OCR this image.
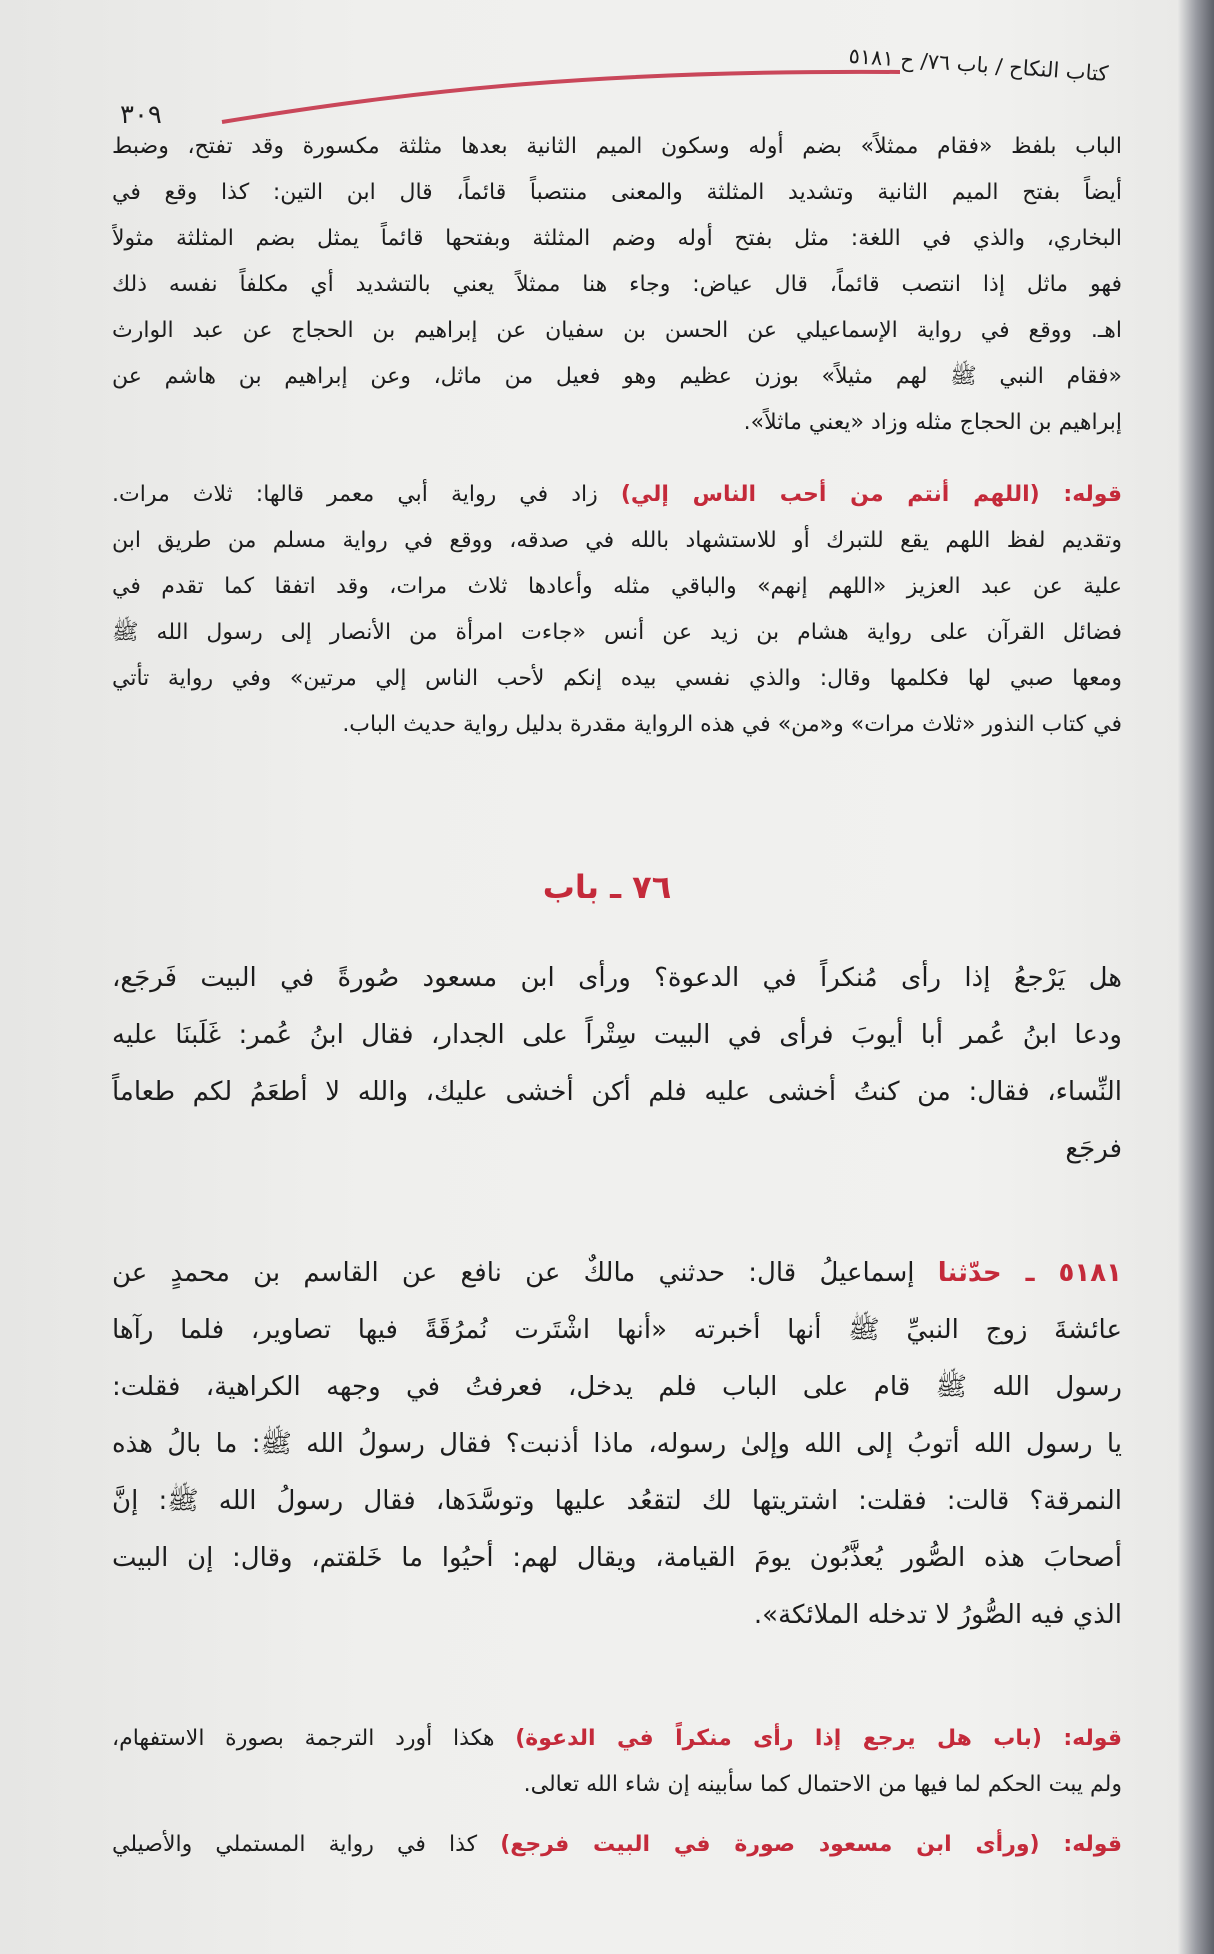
كتاب النكاح / باب ٧٦/ ح ٥١٨١
٣٠٩
الباب بلفظ «فقام ممثلاً» بضم أوله وسكون الميم الثانية بعدها مثلثة مكسورة وقد تفتح، وضبط
أيضاً بفتح الميم الثانية وتشديد المثلثة والمعنى منتصباً قائماً، قال ابن التين: كذا وقع في
البخاري، والذي في اللغة: مثل بفتح أوله وضم المثلثة وبفتحها قائماً يمثل بضم المثلثة مثولاً
فهو ماثل إذا انتصب قائماً، قال عياض: وجاء هنا ممثلاً يعني بالتشديد أي مكلفاً نفسه ذلك
اهـ. ووقع في رواية الإسماعيلي عن الحسن بن سفيان عن إبراهيم بن الحجاج عن عبد الوارث
«فقام النبي ﷺ لهم مثيلاً» بوزن عظيم وهو فعيل من ماثل، وعن إبراهيم بن هاشم عن
إبراهيم بن الحجاج مثله وزاد «يعني ماثلاً».
قوله: (اللهم أنتم من أحب الناس إلي) زاد في رواية أبي معمر قالها: ثلاث مرات.
وتقديم لفظ اللهم يقع للتبرك أو للاستشهاد بالله في صدقه، ووقع في رواية مسلم من طريق ابن
علية عن عبد العزيز «اللهم إنهم» والباقي مثله وأعادها ثلاث مرات، وقد اتفقا كما تقدم في
فضائل القرآن على رواية هشام بن زيد عن أنس «جاءت امرأة من الأنصار إلى رسول الله ﷺ
ومعها صبي لها فكلمها وقال: والذي نفسي بيده إنكم لأحب الناس إلي مرتين» وفي رواية تأتي
في كتاب النذور «ثلاث مرات» و«من» في هذه الرواية مقدرة بدليل رواية حديث الباب.
٧٦ ـ باب
هل يَرْجعُ إذا رأى مُنكراً في الدعوة؟ ورأى ابن مسعود صُورةً في البيت فَرجَع،
ودعا ابنُ عُمر أبا أيوبَ فرأى في البيت سِتْراً على الجدار، فقال ابنُ عُمر: غَلَبنَا عليه
النِّساء، فقال: من كنتُ أخشى عليه فلم أكن أخشى عليك، والله لا أطعَمُ لكم طعاماً
فرجَع
٥١٨١ ـ حدّثنا إسماعيلُ قال: حدثني مالكٌ عن نافع عن القاسم بن محمدٍ عن
عائشةَ زوج النبيِّ ﷺ أنها أخبرته «أنها اشْتَرت نُمرُقَةً فيها تصاوير، فلما رآها
رسول الله ﷺ قام على الباب فلم يدخل، فعرفتُ في وجهه الكراهية، فقلت:
يا رسول الله أتوبُ إلى الله وإلىٰ رسوله، ماذا أذنبت؟ فقال رسولُ الله ﷺ: ما بالُ هذه
النمرقة؟ قالت: فقلت: اشتريتها لك لتقعُد عليها وتوسَّدَها، فقال رسولُ الله ﷺ: إنَّ
أصحابَ هذه الصُّور يُعذَّبُون يومَ القيامة، ويقال لهم: أحيُوا ما خَلقتم، وقال: إن البيت
الذي فيه الصُّورُ لا تدخله الملائكة».
قوله: (باب هل يرجع إذا رأى منكراً في الدعوة) هكذا أورد الترجمة بصورة الاستفهام،
ولم يبت الحكم لما فيها من الاحتمال كما سأبينه إن شاء الله تعالى.
قوله: (ورأى ابن مسعود صورة في البيت فرجع) كذا في رواية المستملي والأصيلي
